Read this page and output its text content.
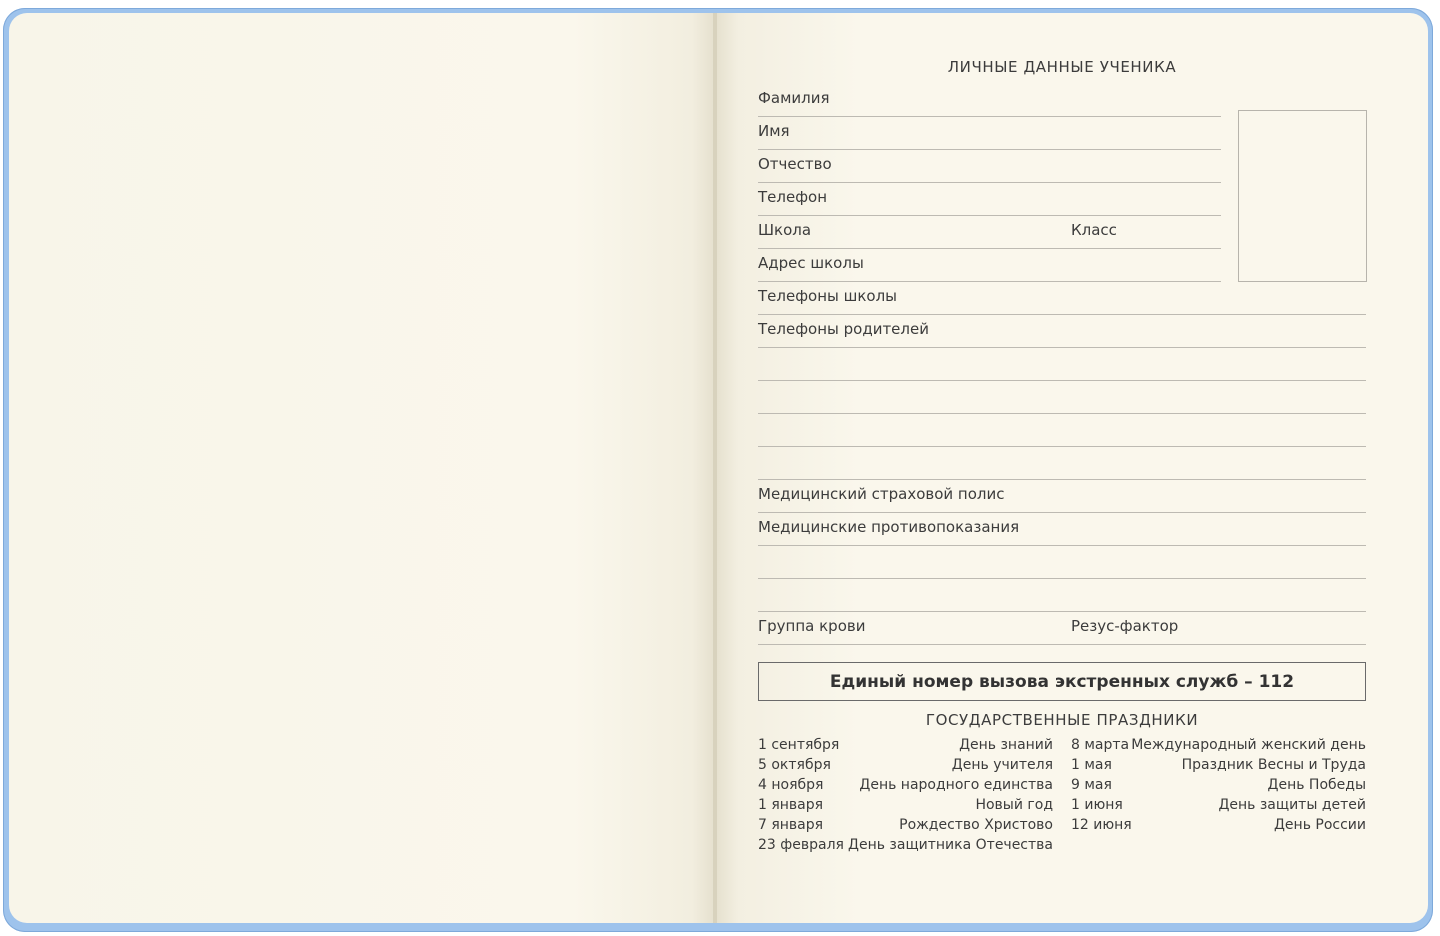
ЛИЧНЫЕ ДАННЫЕ УЧЕНИКА
Фамилия
Имя
Отчество
Телефон
Школа	Класс
Адрес школы
Телефоны школы
Телефоны родителей
Медицинский страховой полис
Медицинские противопоказания
Группа крови	Резус-фактор
Единый номер вызова экстренных служб – 112
ГОСУДАРСТВЕННЫЕ ПРАЗДНИКИ
1 сентября	День знаний
5 октября	День учителя
4 ноября	День народного единства
1 января	Новый год
7 января	Рождество Христово
23 февраля День защитника Отечества
8 марта Международный женский день
1 мая	Праздник Весны и Труда
9 мая	День Победы
1 июня	День защиты детей
12 июня	День России
